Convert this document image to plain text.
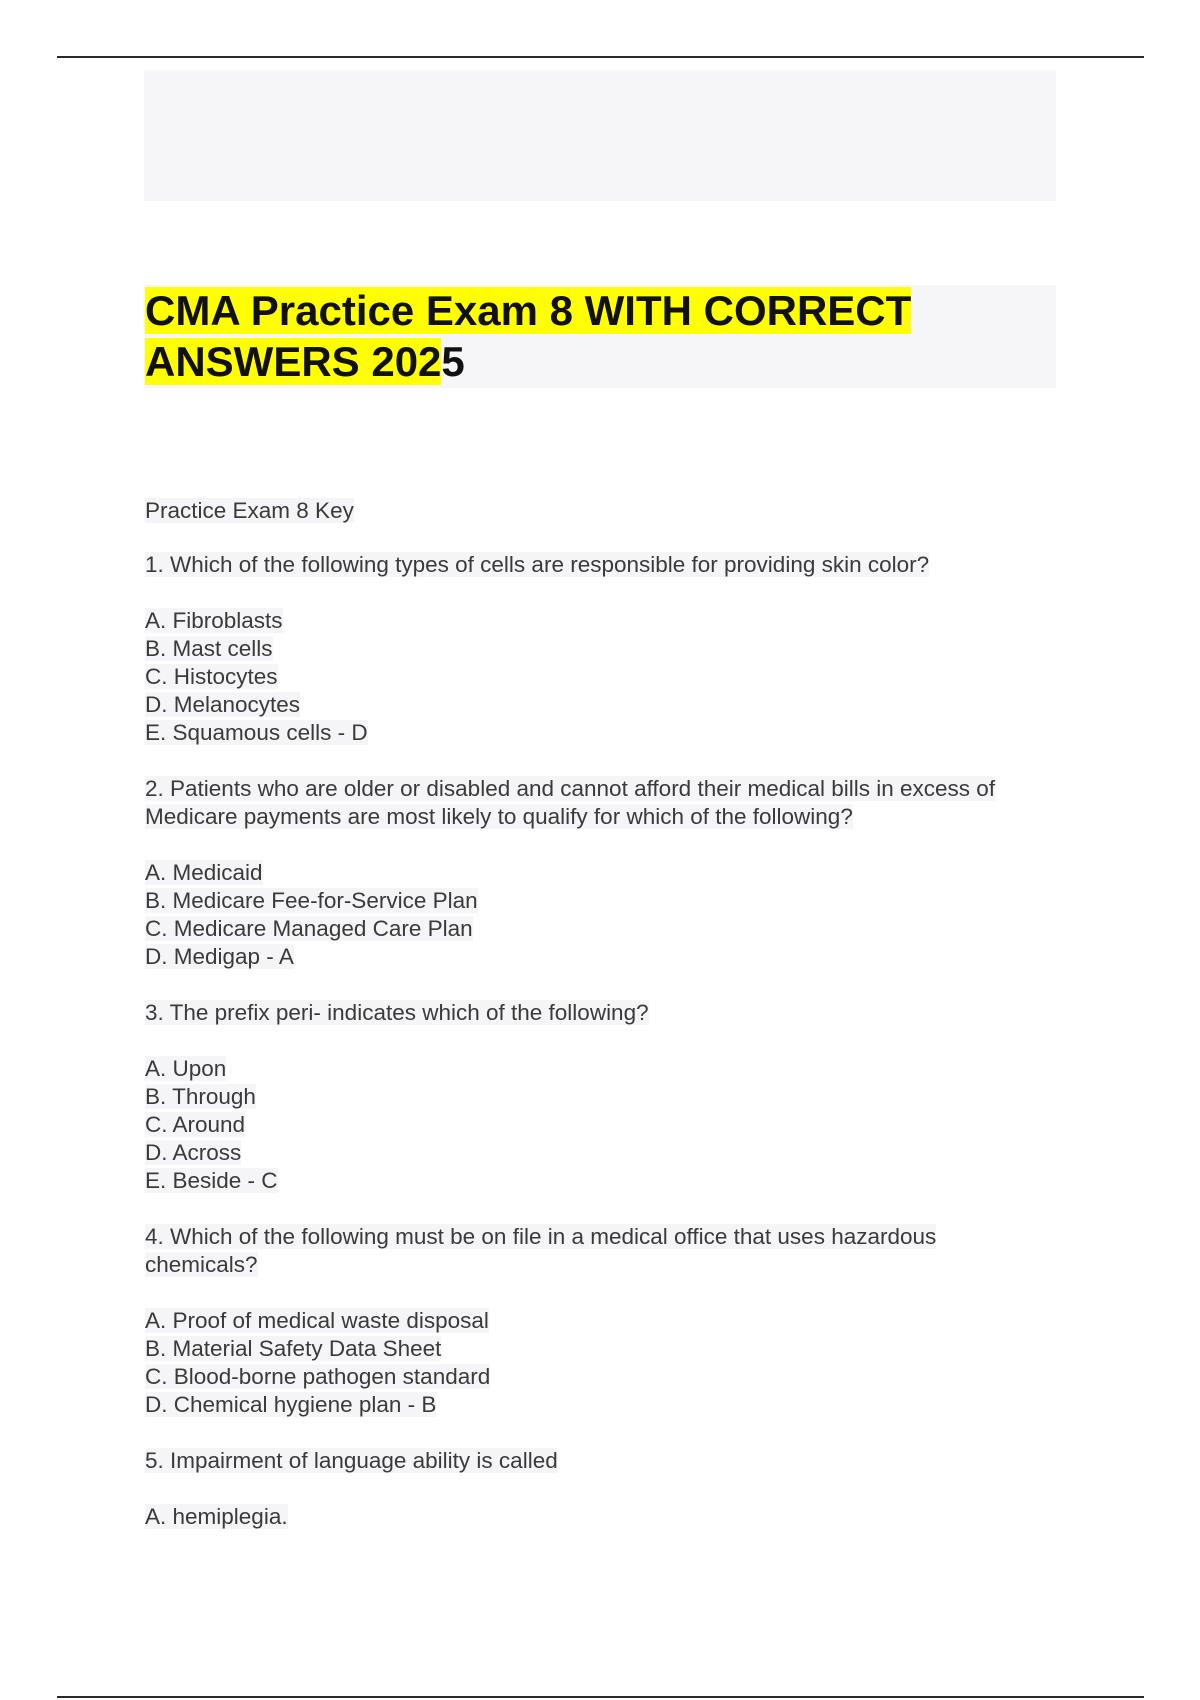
CMA Practice Exam 8 WITH CORRECT
ANSWERS 2025

Practice Exam 8 Key

1. Which of the following types of cells are responsible for providing skin color?

A. Fibroblasts
B. Mast cells
C. Histocytes
D. Melanocytes
E. Squamous cells - D

2. Patients who are older or disabled and cannot afford their medical bills in excess of Medicare payments are most likely to qualify for which of the following?

A. Medicaid
B. Medicare Fee-for-Service Plan
C. Medicare Managed Care Plan
D. Medigap - A

3. The prefix peri- indicates which of the following?

A. Upon
B. Through
C. Around
D. Across
E. Beside - C

4. Which of the following must be on file in a medical office that uses hazardous chemicals?

A. Proof of medical waste disposal
B. Material Safety Data Sheet
C. Blood-borne pathogen standard
D. Chemical hygiene plan - B

5. Impairment of language ability is called

A. hemiplegia.
